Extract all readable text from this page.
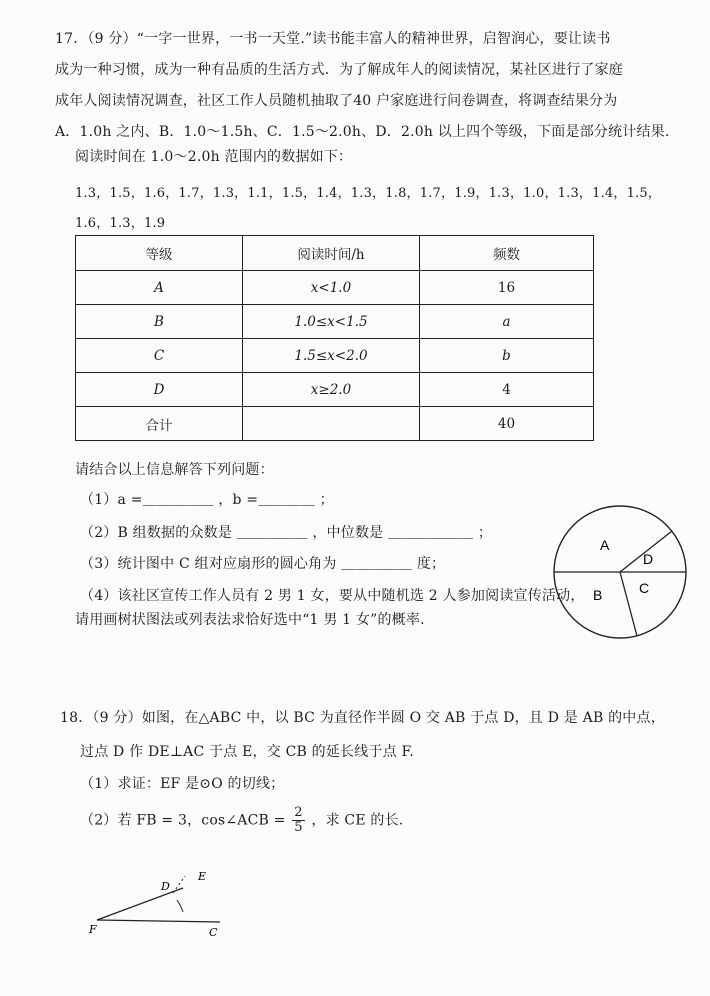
17．（9 分）“一字一世界，一书一天堂.”读书能丰富人的精神世界，启智润心，要让读书
成为一种习惯，成为一种有品质的生活方式．为了解成年人的阅读情况，某社区进行了家庭
成年人阅读情况调查，社区工作人员随机抽取了40 户家庭进行问卷调查，将调查结果分为
A．1.0h 之内、B．1.0～1.5h、C．1.5～2.0h、D．2.0h 以上四个等级，下面是部分统计结果.
阅读时间在 1.0～2.0h 范围内的数据如下：
1.3，1.5，1.6，1.7，1.3，1.1，1.5，1.4，1.3，1.8，1.7，1.9，1.3，1.0，1.3，1.4，1.5，
1.6，1.3，1.9
等级	阅读时间/h	频数
A	x<1.0	16
B	1.0≤x<1.5	a
C	1.5≤x<2.0	b
D	x≥2.0	4
合计		40
请结合以上信息解答下列问题：
（1）a =＿＿＿＿＿ ，b =＿＿＿＿ ；
（2）B 组数据的众数是 ＿＿＿＿＿ ，中位数是 ＿＿＿＿＿＿ ；
（3）统计图中 C 组对应扇形的圆心角为 ＿＿＿＿＿ 度；
（4）该社区宣传工作人员有 2 男 1 女，要从中随机选 2 人参加阅读宣传活动，
请用画树状图法或列表法求恰好选中“1 男 1 女”的概率.
A
B	C
D
18．（9 分）如图，在△ABC 中，以 BC 为直径作半圆 O 交 AB 于点 D，且 D 是 AB 的中点，
过点 D 作 DE⊥AC 于点 E，交 CB 的延长线于点 F.
（1）求证：EF 是⊙O 的切线；
（2）若 FB = 3，cos∠ACB = $\frac{2}{5}$ ，求 CE 的长.
F
D
E
C
